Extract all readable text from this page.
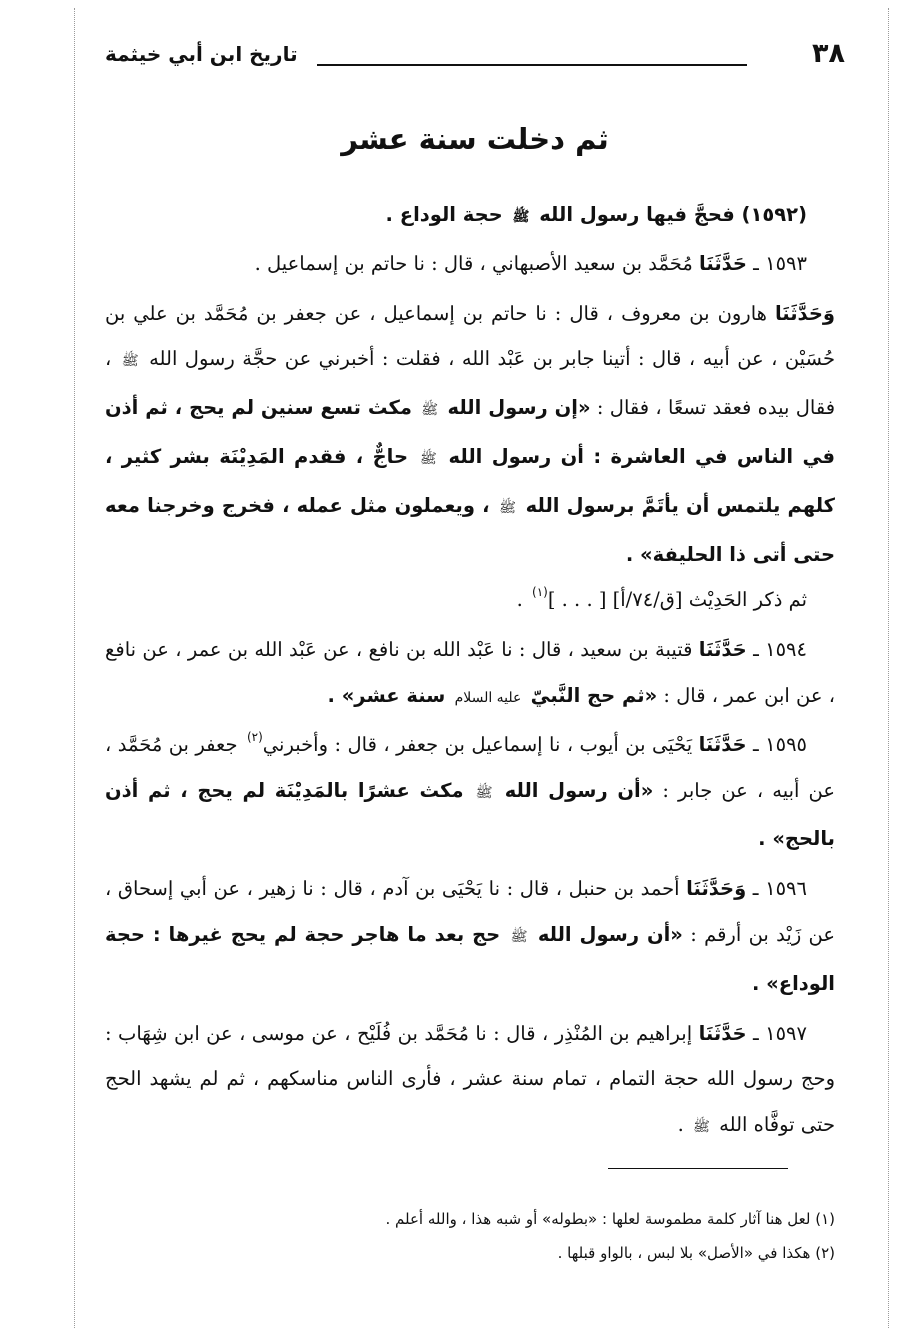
٣٨
تاريخ ابن أبي خيثمة
ثم دخلت سنة عشر

(١٥٩٢) فحجَّ فيها رسول الله ﷺ حجة الوداع .

١٥٩٣ ـ حَدَّثَنَا مُحَمَّد بن سعيد الأصبهاني ، قال : نا حاتم بن إسماعيل .

وَحَدَّثَنَا هارون بن معروف ، قال : نا حاتم بن إسماعيل ، عن جعفر بن مُحَمَّد بن علي بن حُسَيْن ، عن أبيه ، قال : أتينا جابر بن عَبْد الله ، فقلت : أخبرني عن حجَّة رسول الله ﷺ ، فقال بيده فعقد تسعًا ، فقال : «إن رسول الله ﷺ مكث تسع سنين لم يحج ، ثم أذن في الناس في العاشرة : أن رسول الله ﷺ حاجٌّ ، فقدم المَدِيْنَة بشر كثير ، كلهم يلتمس أن يأتَمَّ برسول الله ﷺ ، ويعملون مثل عمله ، فخرج وخرجنا معه حتى أتى ذا الحليفة» .

ثم ذكر الحَدِيْث [ق/٧٤/أ] [ . . . ]$^{(١)}$ .

١٥٩٤ ـ حَدَّثَنَا قتيبة بن سعيد ، قال : نا عَبْد الله بن نافع ، عن عَبْد الله بن عمر ، عن نافع ، عن ابن عمر ، قال : «ثم حج النَّبيّ عليه السلام سنة عشر» .

١٥٩٥ ـ حَدَّثَنَا يَحْيَى بن أيوب ، نا إسماعيل بن جعفر ، قال : وأخبرني$^{(٢)}$ جعفر بن مُحَمَّد ، عن أبيه ، عن جابر : «أن رسول الله ﷺ مكث عشرًا بالمَدِيْنَة لم يحج ، ثم أذن بالحج» .

١٥٩٦ ـ وَحَدَّثَنَا أحمد بن حنبل ، قال : نا يَحْيَى بن آدم ، قال : نا زهير ، عن أبي إسحاق ، عن زَيْد بن أرقم : «أن رسول الله ﷺ حج بعد ما هاجر حجة لم يحج غيرها : حجة الوداع» .

١٥٩٧ ـ حَدَّثَنَا إبراهيم بن المُنْذِر ، قال : نا مُحَمَّد بن فُلَيْح ، عن موسى ، عن ابن شِهَاب : وحج رسول الله حجة التمام ، تمام سنة عشر ، فأرى الناس مناسكهم ، ثم لم يشهد الحج حتى توفَّاه الله ﷺ .

(١) لعل هنا آثار كلمة مطموسة لعلها : «بطوله» أو شبه هذا ، والله أعلم .

(٢) هكذا في «الأصل» بلا لبس ، بالواو قبلها .
